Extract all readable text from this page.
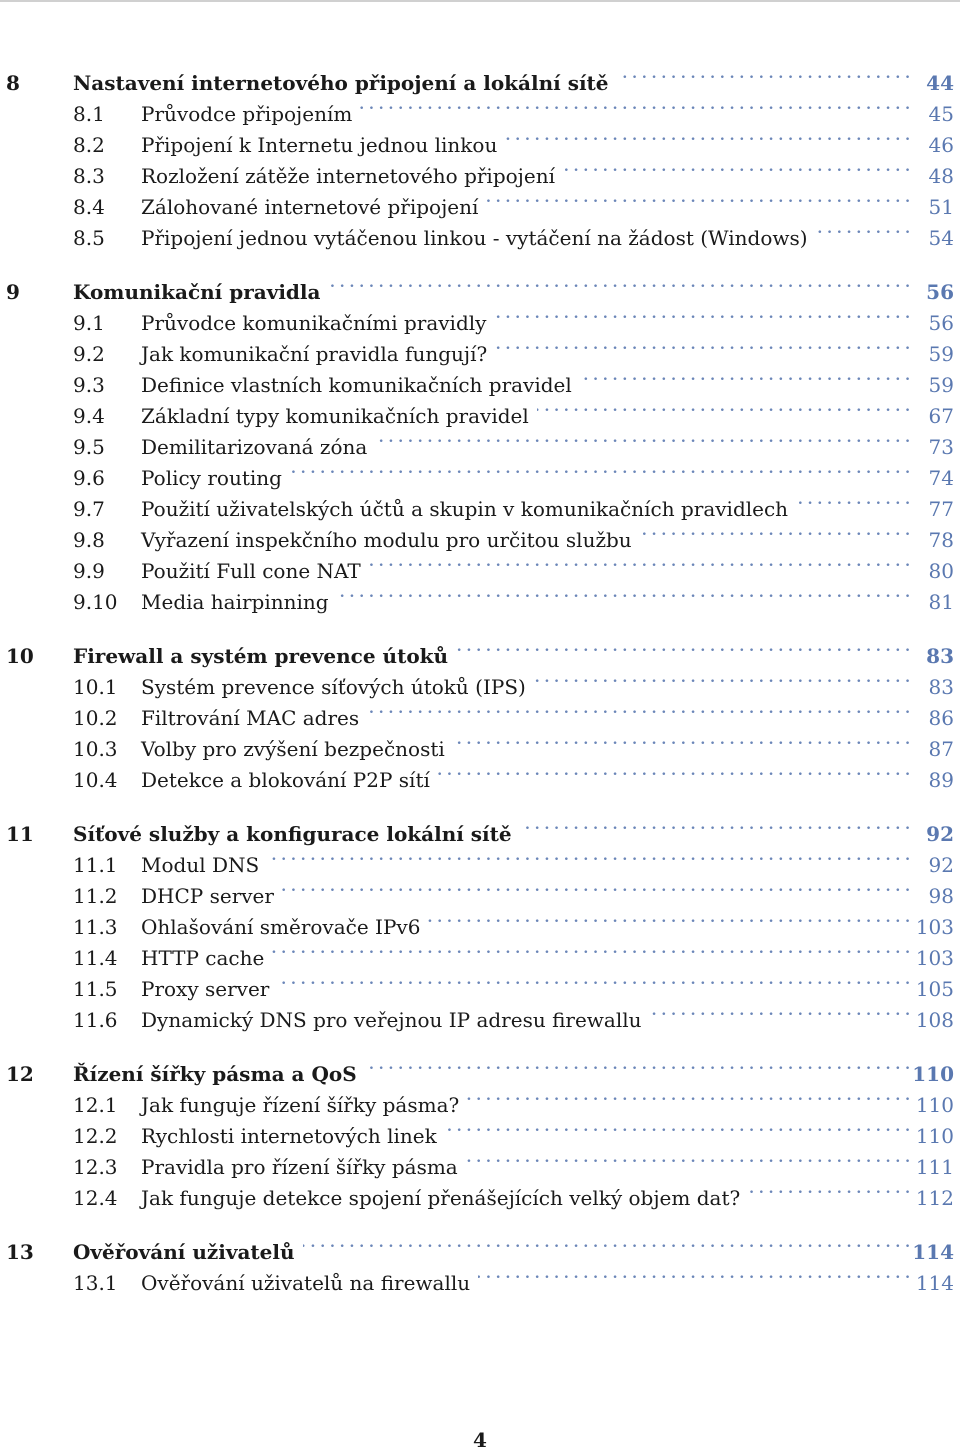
8	Nastavení internetového připojení a lokální sítě . . .	44
8.1	Průvodce připojením . . .	45
8.2	Připojení k Internetu jednou linkou . . .	46
8.3	Rozložení zátěže internetového připojení . . .	48
8.4	Zálohované internetové připojení . . .	51
8.5	Připojení jednou vytáčenou linkou - vytáčení na žádost (Windows) . . .	54
9	Komunikační pravidla . . .	56
9.1	Průvodce komunikačními pravidly . . .	56
9.2	Jak komunikační pravidla fungují? . . .	59
9.3	Definice vlastních komunikačních pravidel . . .	59
9.4	Základní typy komunikačních pravidel . . .	67
9.5	Demilitarizovaná zóna . . .	73
9.6	Policy routing . . .	74
9.7	Použití uživatelských účtů a skupin v komunikačních pravidlech . . .	77
9.8	Vyřazení inspekčního modulu pro určitou službu . . .	78
9.9	Použití Full cone NAT . . .	80
9.10	Media hairpinning . . .	81
10	Firewall a systém prevence útoků . . .	83
10.1	Systém prevence síťových útoků (IPS) . . .	83
10.2	Filtrování MAC adres . . .	86
10.3	Volby pro zvýšení bezpečnosti . . .	87
10.4	Detekce a blokování P2P sítí . . .	89
11	Síťové služby a konfigurace lokální sítě . . .	92
11.1	Modul DNS . . .	92
11.2	DHCP server . . .	98
11.3	Ohlašování směrovače IPv6 . . .	103
11.4	HTTP cache . . .	103
11.5	Proxy server . . .	105
11.6	Dynamický DNS pro veřejnou IP adresu firewallu . . .	108
12	Řízení šířky pásma a QoS . . .	110
12.1	Jak funguje řízení šířky pásma? . . .	110
12.2	Rychlosti internetových linek . . .	110
12.3	Pravidla pro řízení šířky pásma . . .	111
12.4	Jak funguje detekce spojení přenášejících velký objem dat? . . .	112
13	Ověřování uživatelů . . .	114
13.1	Ověřování uživatelů na firewallu . . .	114
4
